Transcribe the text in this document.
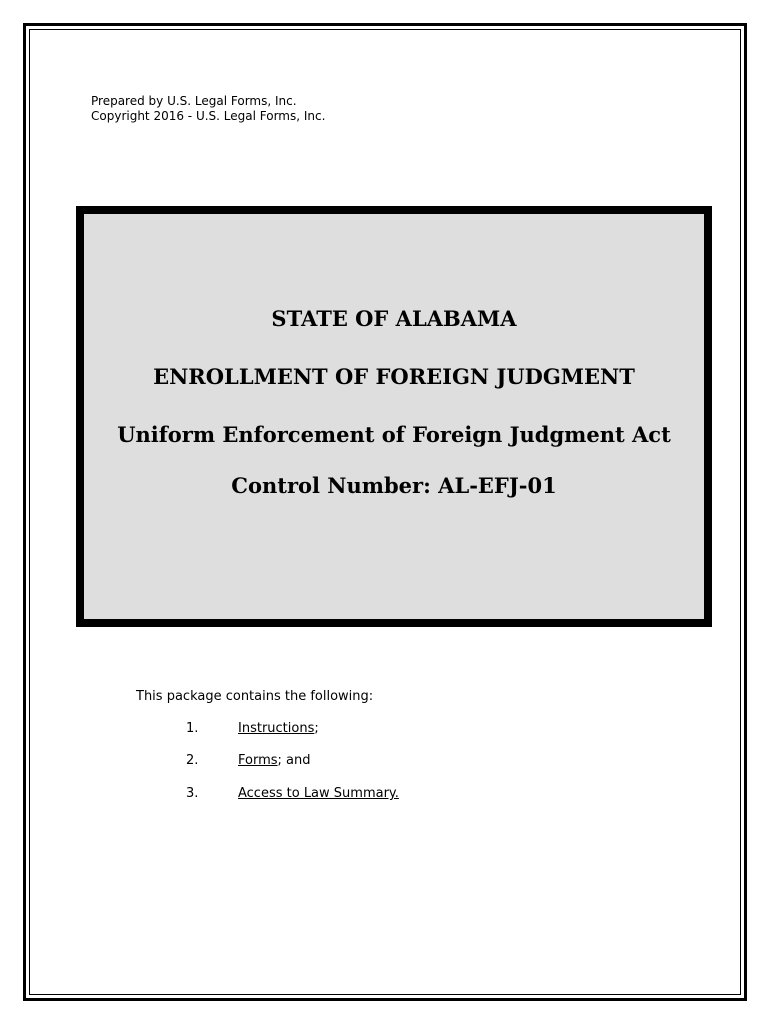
Prepared by U.S. Legal Forms, Inc.
Copyright 2016 - U.S. Legal Forms, Inc.
STATE OF ALABAMA
ENROLLMENT OF FOREIGN JUDGMENT
Uniform Enforcement of Foreign Judgment Act
Control Number: AL-EFJ-01
This package contains the following:
1.	Instructions;
2.	Forms; and
3.	Access to Law Summary.
